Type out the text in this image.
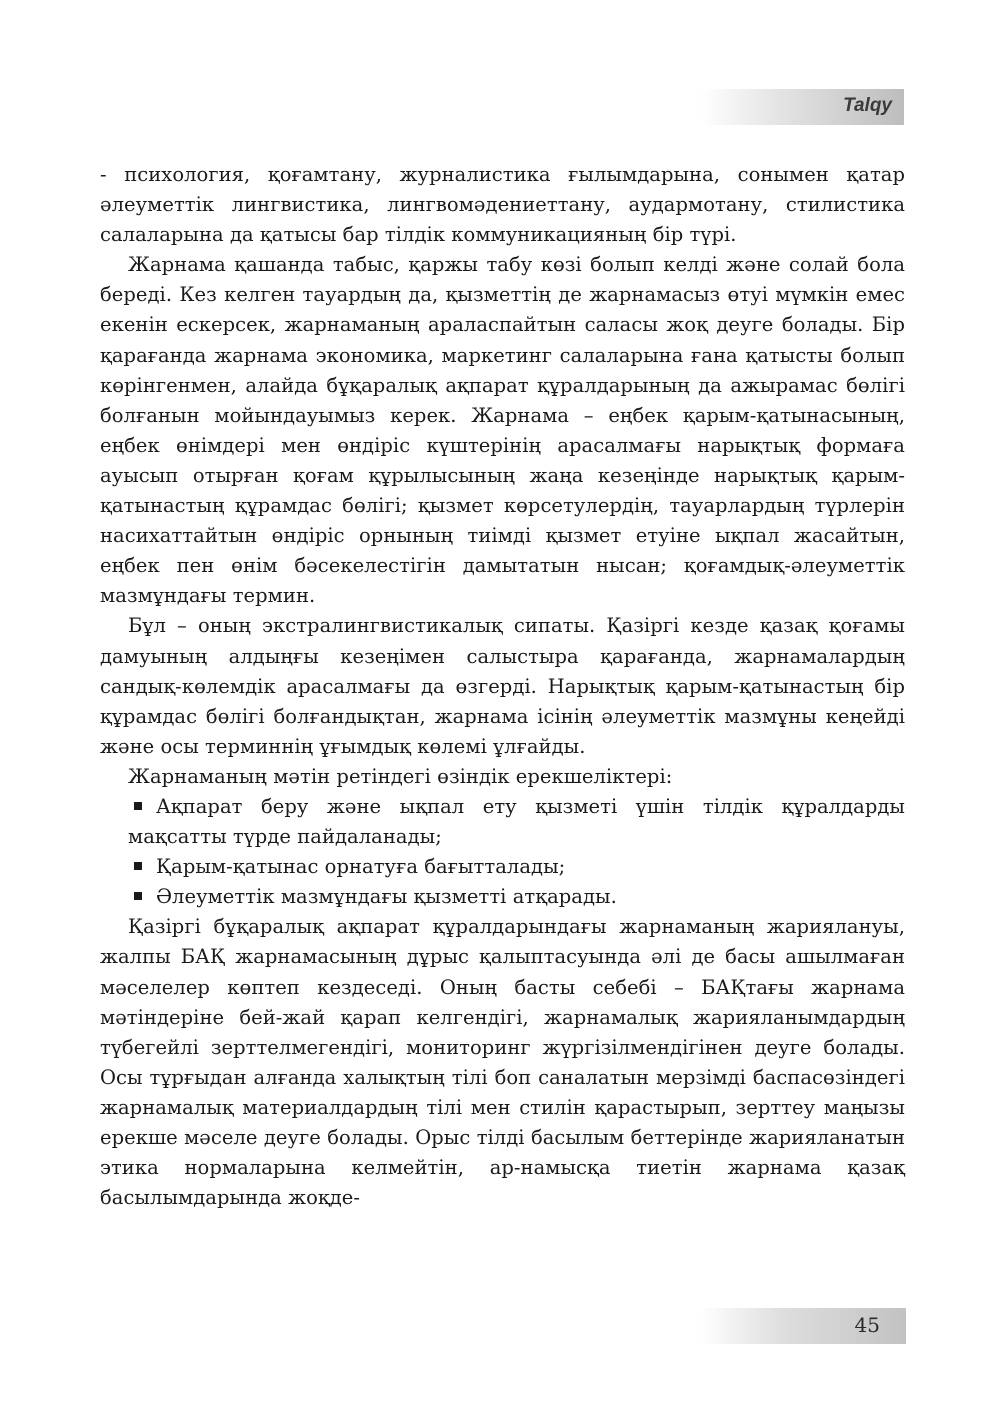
Talqy

- психология, қоғамтану, журналистика ғылымдарына, сонымен қатар әлеуметтік лингвистика, лингвомәдениеттану, аудармотану, стилистика салаларына да қатысы бар тілдік коммуникацияның бір түрі.

Жарнама қашанда табыс, қаржы табу көзі болып келді және солай бола береді. Кез келген тауардың да, қызметтің де жарнамасыз өтуі мүмкін емес екенін ескерсек, жарнаманың араласпайтын саласы жоқ деуге болады. Бір қарағанда жарнама экономика, маркетинг салаларына ғана қатысты болып көрінгенмен, алайда бұқаралық ақпарат құралдарының да ажырамас бөлігі болғанын мойындауымыз керек. Жарнама – еңбек қарым-қатынасының, еңбек өнімдері мен өндіріс күштерінің арасалмағы нарықтық формаға ауысып отырған қоғам құрылысының жаңа кезеңінде нарықтық қарым-қатынастың құрамдас бөлігі; қызмет көрсетулердің, тауарлардың түрлерін насихаттайтын өндіріс орнының тиімді қызмет етуіне ықпал жасайтын, еңбек пен өнім бәсекелестігін дамытатын нысан; қоғамдық-әлеуметтік мазмұндағы термин.

Бұл – оның экстралингвистикалық сипаты. Қазіргі кезде қазақ қоғамы дамуының алдыңғы кезеңімен салыстыра қарағанда, жарнамалардың сандық-көлемдік арасалмағы да өзгерді. Нарықтық қарым-қатынастың бір құрамдас бөлігі болғандықтан, жарнама ісінің әлеуметтік мазмұны кеңейді және осы терминнің ұғымдық көлемі ұлғайды.

Жарнаманың мәтін ретіндегі өзіндік ерекшеліктері:

Ақпарат беру және ықпал ету қызметі үшін тілдік құралдарды мақсатты түрде пайдаланады;
Қарым-қатынас орнатуға бағытталады;
Әлеуметтік мазмұндағы қызметті атқарады.

Қазіргі бұқаралық ақпарат құралдарындағы жарнаманың жариялануы, жалпы БАҚ жарнамасының дұрыс қалыптасуында әлі де басы ашылмаған мәселелер көптеп кездеседі. Оның басты себебі – БАҚтағы жарнама мәтіндеріне бей-жай қарап келгендігі, жарнамалық жарияланымдардың түбегейлі зерттелмегендігі, мониторинг жүргізілмендігінен деуге болады. Осы тұрғыдан алғанда халықтың тілі боп саналатын мерзімді баспасөзіндегі жарнамалық материалдардың тілі мен стилін қарастырып, зерттеу маңызы ерекше мәселе деуге болады. Орыс тілді басылым беттерінде жарияланатын этика нормаларына келмейтін, ар-намысқа тиетін жарнама қазақ басылымдарында жоқде-

45
